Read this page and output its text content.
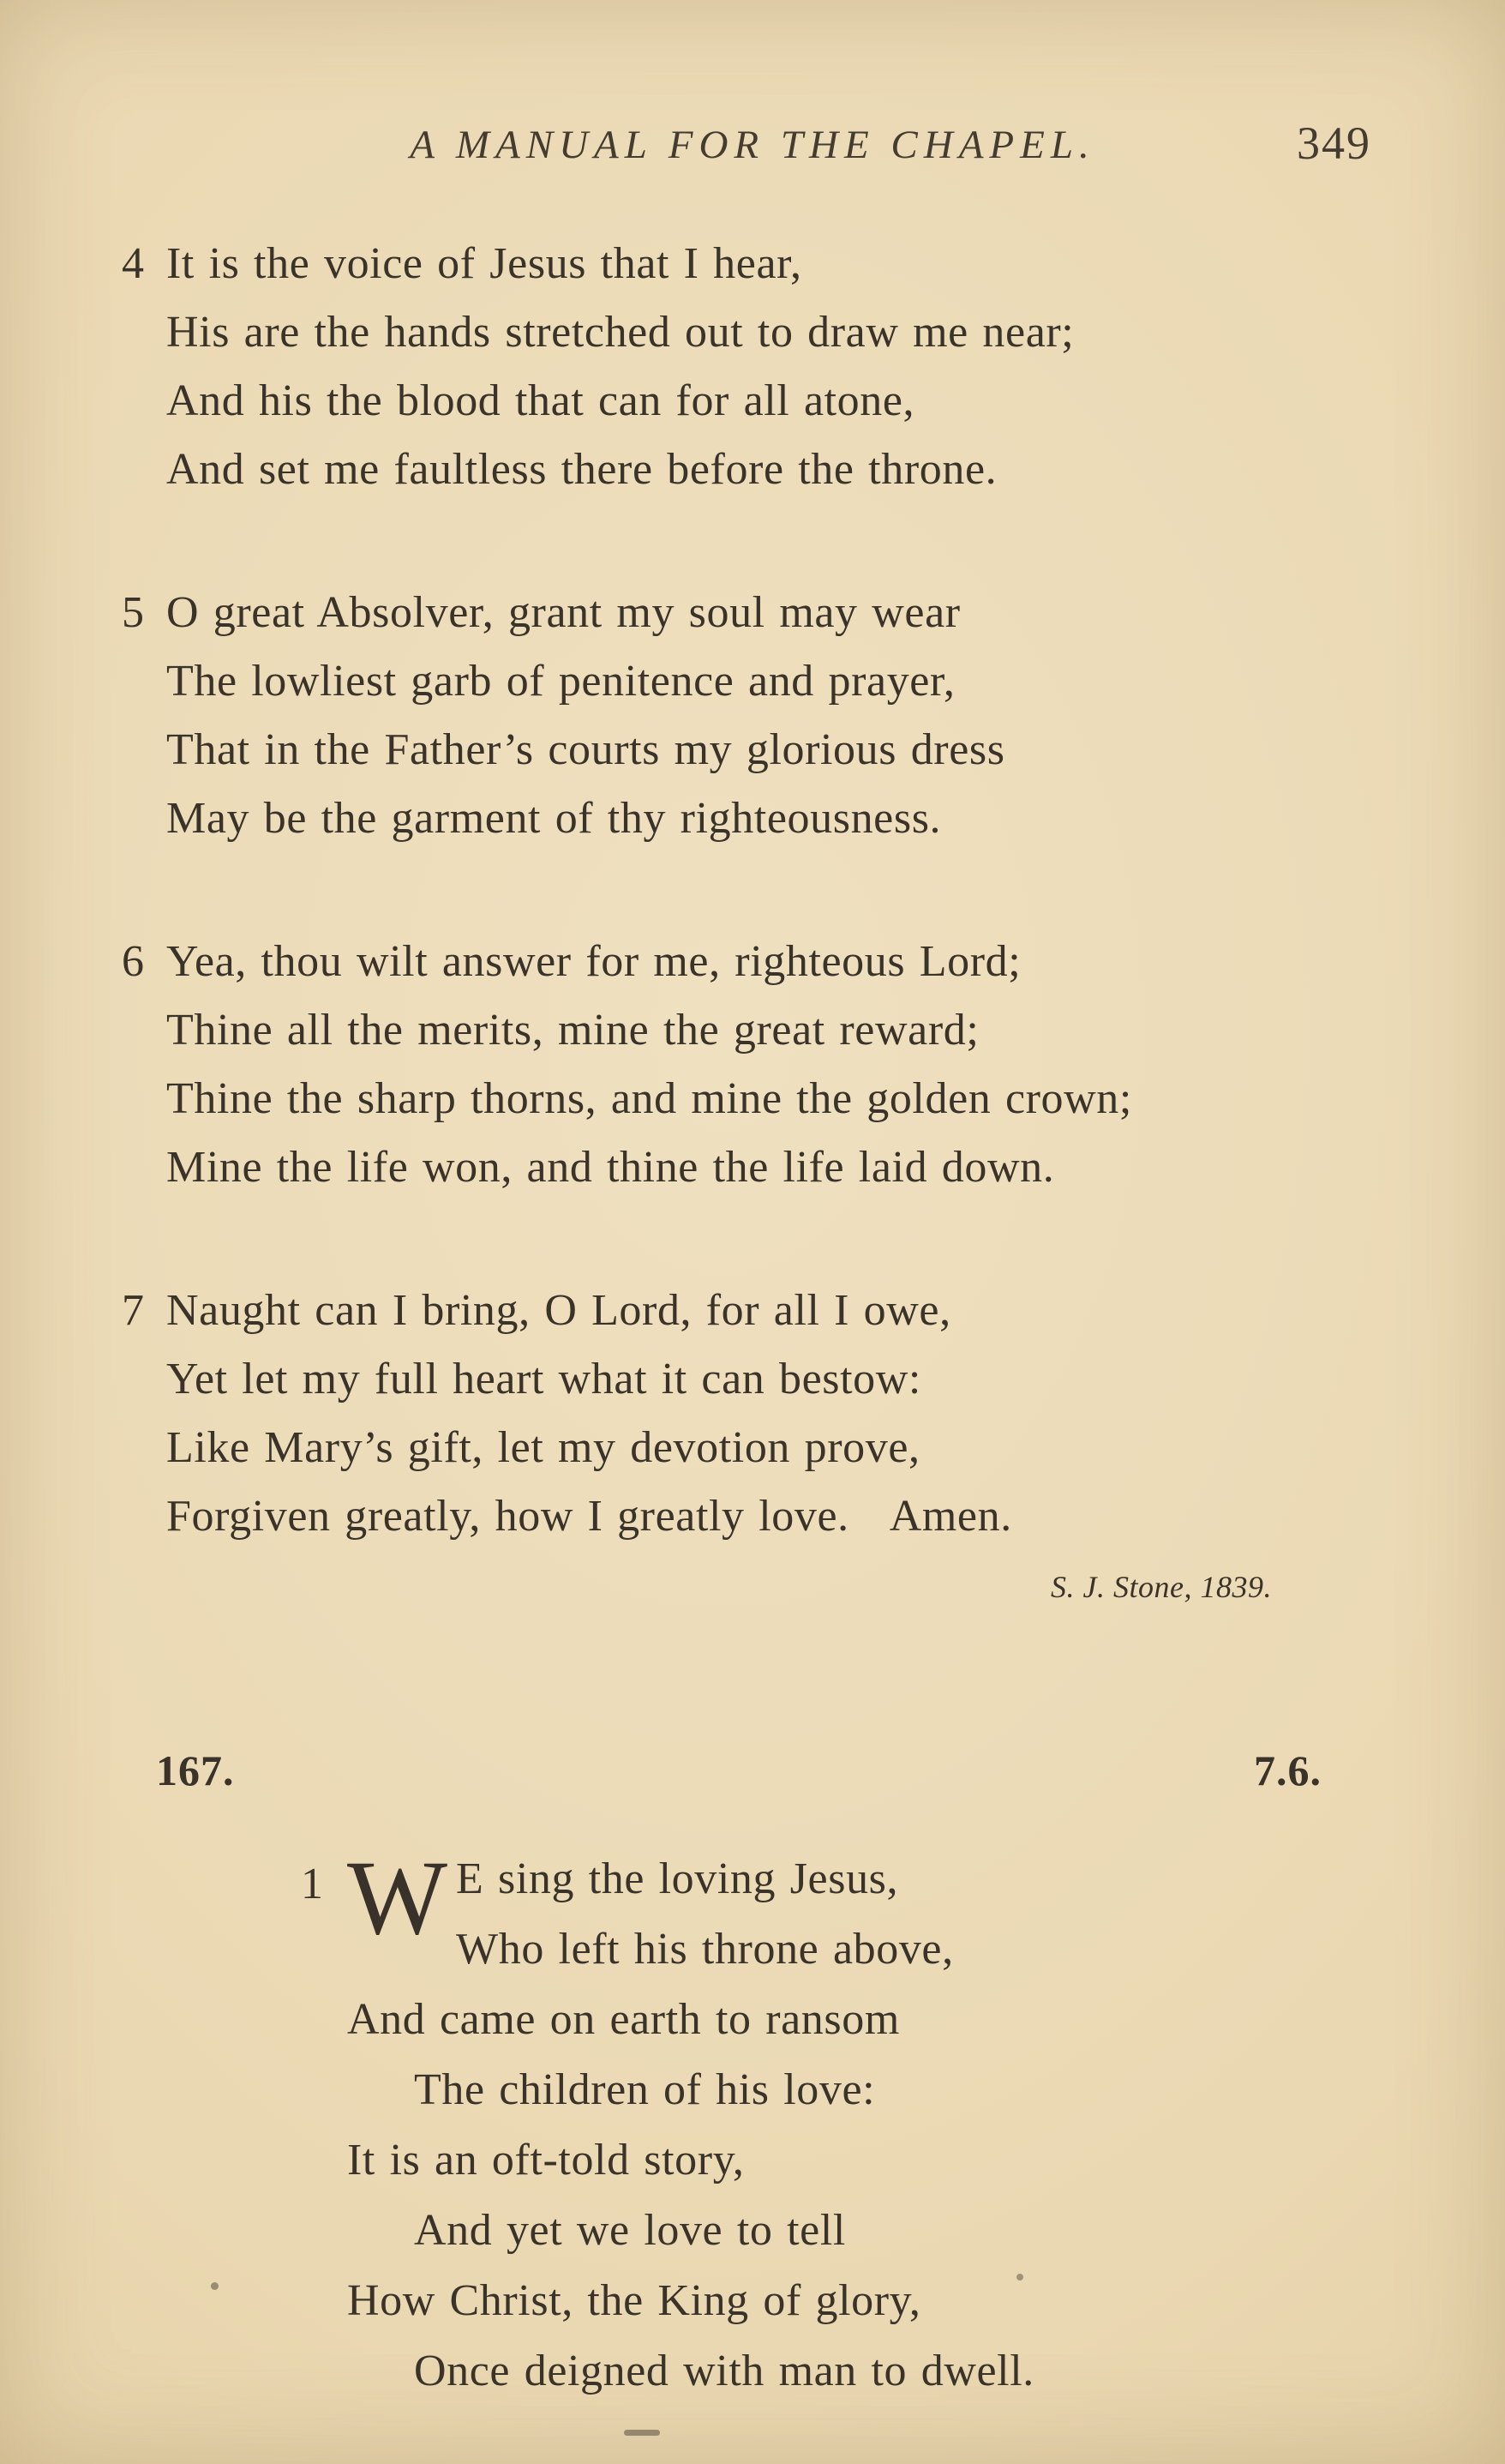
A MANUAL FOR THE CHAPEL.	349
4 It is the voice of Jesus that I hear,
His are the hands stretched out to draw me near;
And his the blood that can for all atone,
And set me faultless there before the throne.
5 O great Absolver, grant my soul may wear
The lowliest garb of penitence and prayer,
That in the Father’s courts my glorious dress
May be the garment of thy righteousness.
6 Yea, thou wilt answer for me, righteous Lord;
Thine all the merits, mine the great reward;
Thine the sharp thorns, and mine the golden crown;
Mine the life won, and thine the life laid down.
7 Naught can I bring, O Lord, for all I owe,
Yet let my full heart what it can bestow:
Like Mary’s gift, let my devotion prove,
Forgiven greatly, how I greatly love.   Amen.
S. J. Stone, 1839.
167.	7.6.
1 W E sing the loving Jesus,
Who left his throne above,
And came on earth to ransom
The children of his love:
It is an oft-told story,
And yet we love to tell
How Christ, the King of glory,
Once deigned with man to dwell.
